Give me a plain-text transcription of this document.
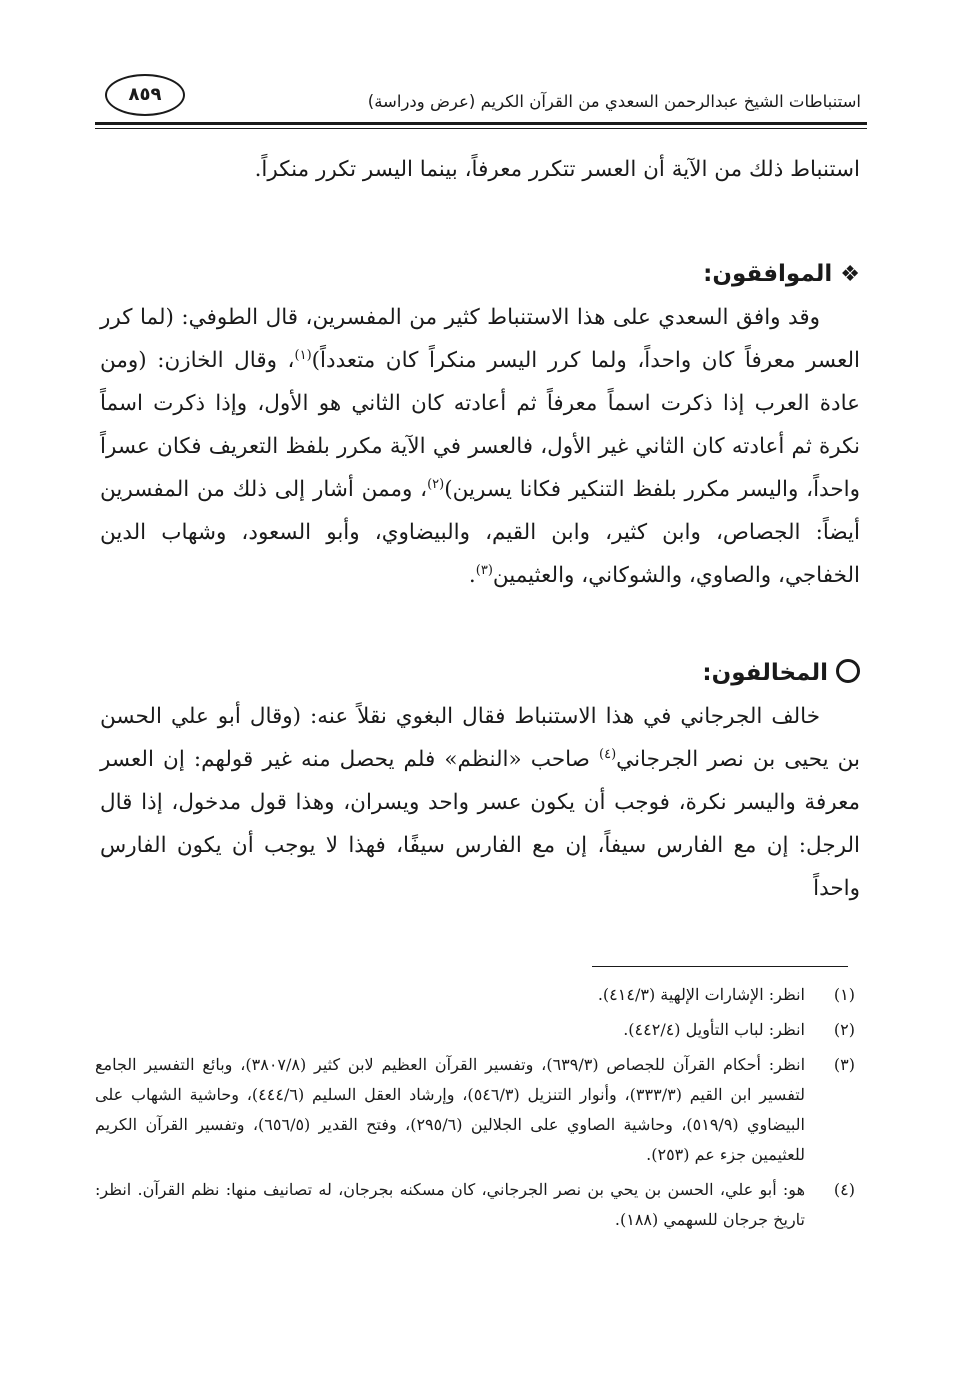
استنباطات الشيخ عبدالرحمن السعدي من القرآن الكريم (عرض ودراسة)
٨٥٩

استنباط ذلك من الآية أن العسر تتكرر معرفاً، بينما اليسر تكرر منكراً.

❖الموافقون:

وقد وافق السعدي على هذا الاستنباط كثير من المفسرين، قال الطوفي: (لما كرر العسر معرفاً كان واحداً، ولما كرر اليسر منكراً كان متعدداً)$^{(١)}$، وقال الخازن: (ومن عادة العرب إذا ذكرت اسماً معرفاً ثم أعادته كان الثاني هو الأول، وإذا ذكرت اسماً نكرة ثم أعادته كان الثاني غير الأول، فالعسر في الآية مكرر بلفظ التعريف فكان عسراً واحداً، واليسر مكرر بلفظ التنكير فكانا يسرين)$^{(٢)}$، وممن أشار إلى ذلك من المفسرين أيضاً: الجصاص، وابن كثير، وابن القيم، والبيضاوي، وأبو السعود، وشهاب الدين الخفاجي، والصاوي، والشوكاني، والعثيمين$^{(٣)}$.

المخالفون:

خالف الجرجاني في هذا الاستنباط فقال البغوي نقلاً عنه: (وقال أبو علي الحسن بن يحيى بن نصر الجرجاني$^{(٤)}$ صاحب «النظم» فلم يحصل منه غير قولهم: إن العسر معرفة واليسر نكرة، فوجب أن يكون عسر واحد ويسران، وهذا قول مدخول، إذا قال الرجل: إن مع الفارس سيفاً، إن مع الفارس سيفًا، فهذا لا يوجب أن يكون الفارس واحداً

(١)
انظر: الإشارات الإلهية (٤١٤/٣).
(٢)
انظر: لباب التأويل (٤٤٢/٤).
(٣)
انظر: أحكام القرآن للجصاص (٦٣٩/٣)، وتفسير القرآن العظيم لابن كثير (٣٨٠٧/٨)، وبائع التفسير الجامع لتفسير ابن القيم (٣٣٣/٣)، وأنوار التنزيل (٥٤٦/٣)، وإرشاد العقل السليم (٤٤٤/٦)، وحاشية الشهاب على البيضاوي (٥١٩/٩)، وحاشية الصاوي على الجلالين (٢٩٥/٦)، وفتح القدير (٦٥٦/٥)، وتفسير القرآن الكريم للعثيمين جزء عم (٢٥٣).
(٤)
هو: أبو علي، الحسن بن يحي بن نصر الجرجاني، كان مسكنه بجرجان، له تصانيف منها: نظم القرآن. انظر: تاريخ جرجان للسهمي (١٨٨).
